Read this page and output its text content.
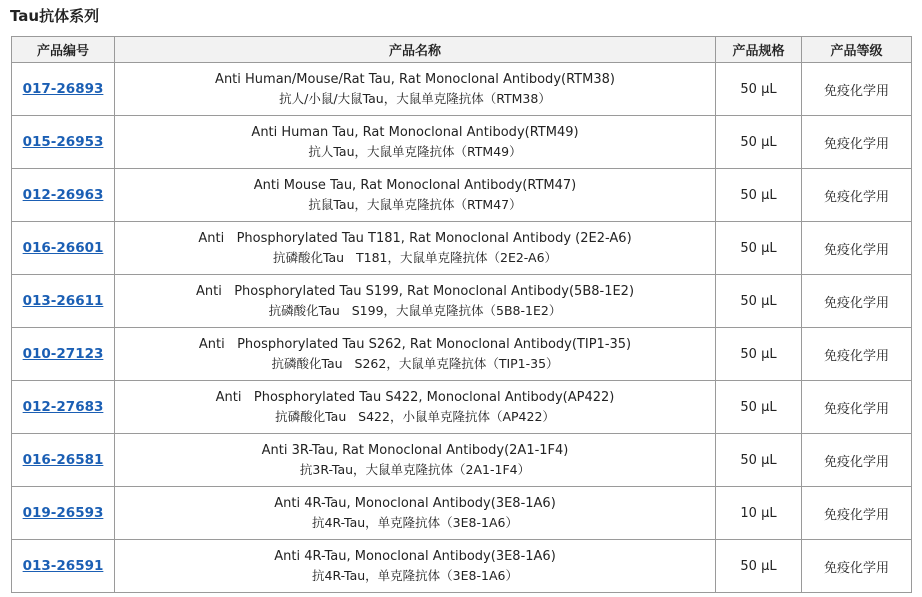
Tau抗体系列
产品编号	产品名称	产品规格	产品等级
017-26893	Anti Human/Mouse/Rat Tau, Rat Monoclonal Antibody(RTM38)
抗人/小鼠/大鼠Tau，大鼠单克隆抗体（RTM38）	50 μL	免疫化学用
015-26953	Anti Human Tau, Rat Monoclonal Antibody(RTM49)
抗人Tau，大鼠单克隆抗体（RTM49）	50 μL	免疫化学用
012-26963	Anti Mouse Tau, Rat Monoclonal Antibody(RTM47)
抗鼠Tau，大鼠单克隆抗体（RTM47）	50 μL	免疫化学用
016-26601	Anti   Phosphorylated Tau T181, Rat Monoclonal Antibody (2E2-A6)
抗磷酸化Tau   T181，大鼠单克隆抗体（2E2-A6）	50 μL	免疫化学用
013-26611	Anti   Phosphorylated Tau S199, Rat Monoclonal Antibody(5B8-1E2)
抗磷酸化Tau   S199，大鼠单克隆抗体（5B8-1E2）	50 μL	免疫化学用
010-27123	Anti   Phosphorylated Tau S262, Rat Monoclonal Antibody(TIP1-35)
抗磷酸化Tau   S262，大鼠单克隆抗体（TIP1-35）	50 μL	免疫化学用
012-27683	Anti   Phosphorylated Tau S422, Monoclonal Antibody(AP422)
抗磷酸化Tau   S422，小鼠单克隆抗体（AP422）	50 μL	免疫化学用
016-26581	Anti 3R-Tau, Rat Monoclonal Antibody(2A1-1F4)
抗3R-Tau，大鼠单克隆抗体（2A1-1F4）	50 μL	免疫化学用
019-26593	Anti 4R-Tau, Monoclonal Antibody(3E8-1A6)
抗4R-Tau，单克隆抗体（3E8-1A6）	10 μL	免疫化学用
013-26591	Anti 4R-Tau, Monoclonal Antibody(3E8-1A6)
抗4R-Tau，单克隆抗体（3E8-1A6）	50 μL	免疫化学用
